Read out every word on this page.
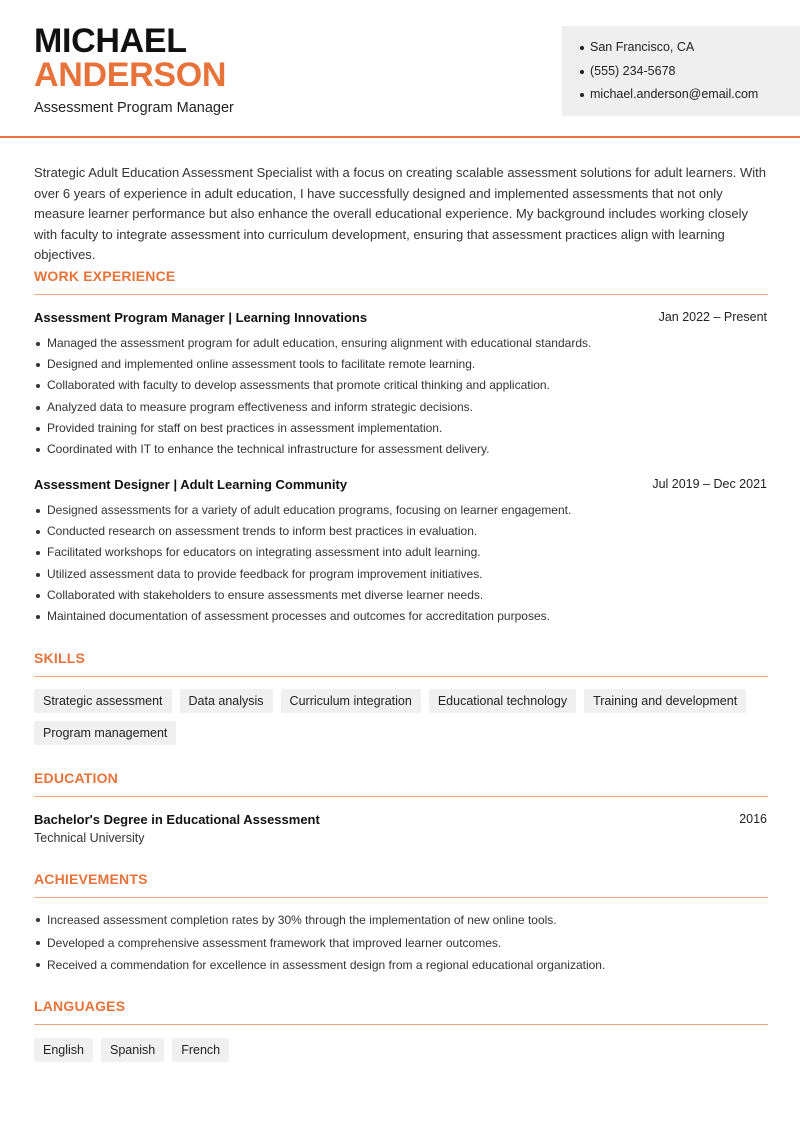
MICHAEL
ANDERSON
Assessment Program Manager
San Francisco, CA
(555) 234-5678
michael.anderson@email.com

Strategic Adult Education Assessment Specialist with a focus on creating scalable assessment solutions for adult learners. With over 6 years of experience in adult education, I have successfully designed and implemented assessments that not only measure learner performance but also enhance the overall educational experience. My background includes working closely with faculty to integrate assessment into curriculum development, ensuring that assessment practices align with learning objectives.

WORK EXPERIENCE
Assessment Program Manager | Learning Innovations	Jan 2022 – Present
Managed the assessment program for adult education, ensuring alignment with educational standards.
Designed and implemented online assessment tools to facilitate remote learning.
Collaborated with faculty to develop assessments that promote critical thinking and application.
Analyzed data to measure program effectiveness and inform strategic decisions.
Provided training for staff on best practices in assessment implementation.
Coordinated with IT to enhance the technical infrastructure for assessment delivery.
Assessment Designer | Adult Learning Community	Jul 2019 – Dec 2021
Designed assessments for a variety of adult education programs, focusing on learner engagement.
Conducted research on assessment trends to inform best practices in evaluation.
Facilitated workshops for educators on integrating assessment into adult learning.
Utilized assessment data to provide feedback for program improvement initiatives.
Collaborated with stakeholders to ensure assessments met diverse learner needs.
Maintained documentation of assessment processes and outcomes for accreditation purposes.
SKILLS
Strategic assessment	Data analysis	Curriculum integration	Educational technology	Training and development
Program management
EDUCATION
Bachelor's Degree in Educational Assessment	2016
Technical University
ACHIEVEMENTS
Increased assessment completion rates by 30% through the implementation of new online tools.
Developed a comprehensive assessment framework that improved learner outcomes.
Received a commendation for excellence in assessment design from a regional educational organization.
LANGUAGES
English	Spanish	French
